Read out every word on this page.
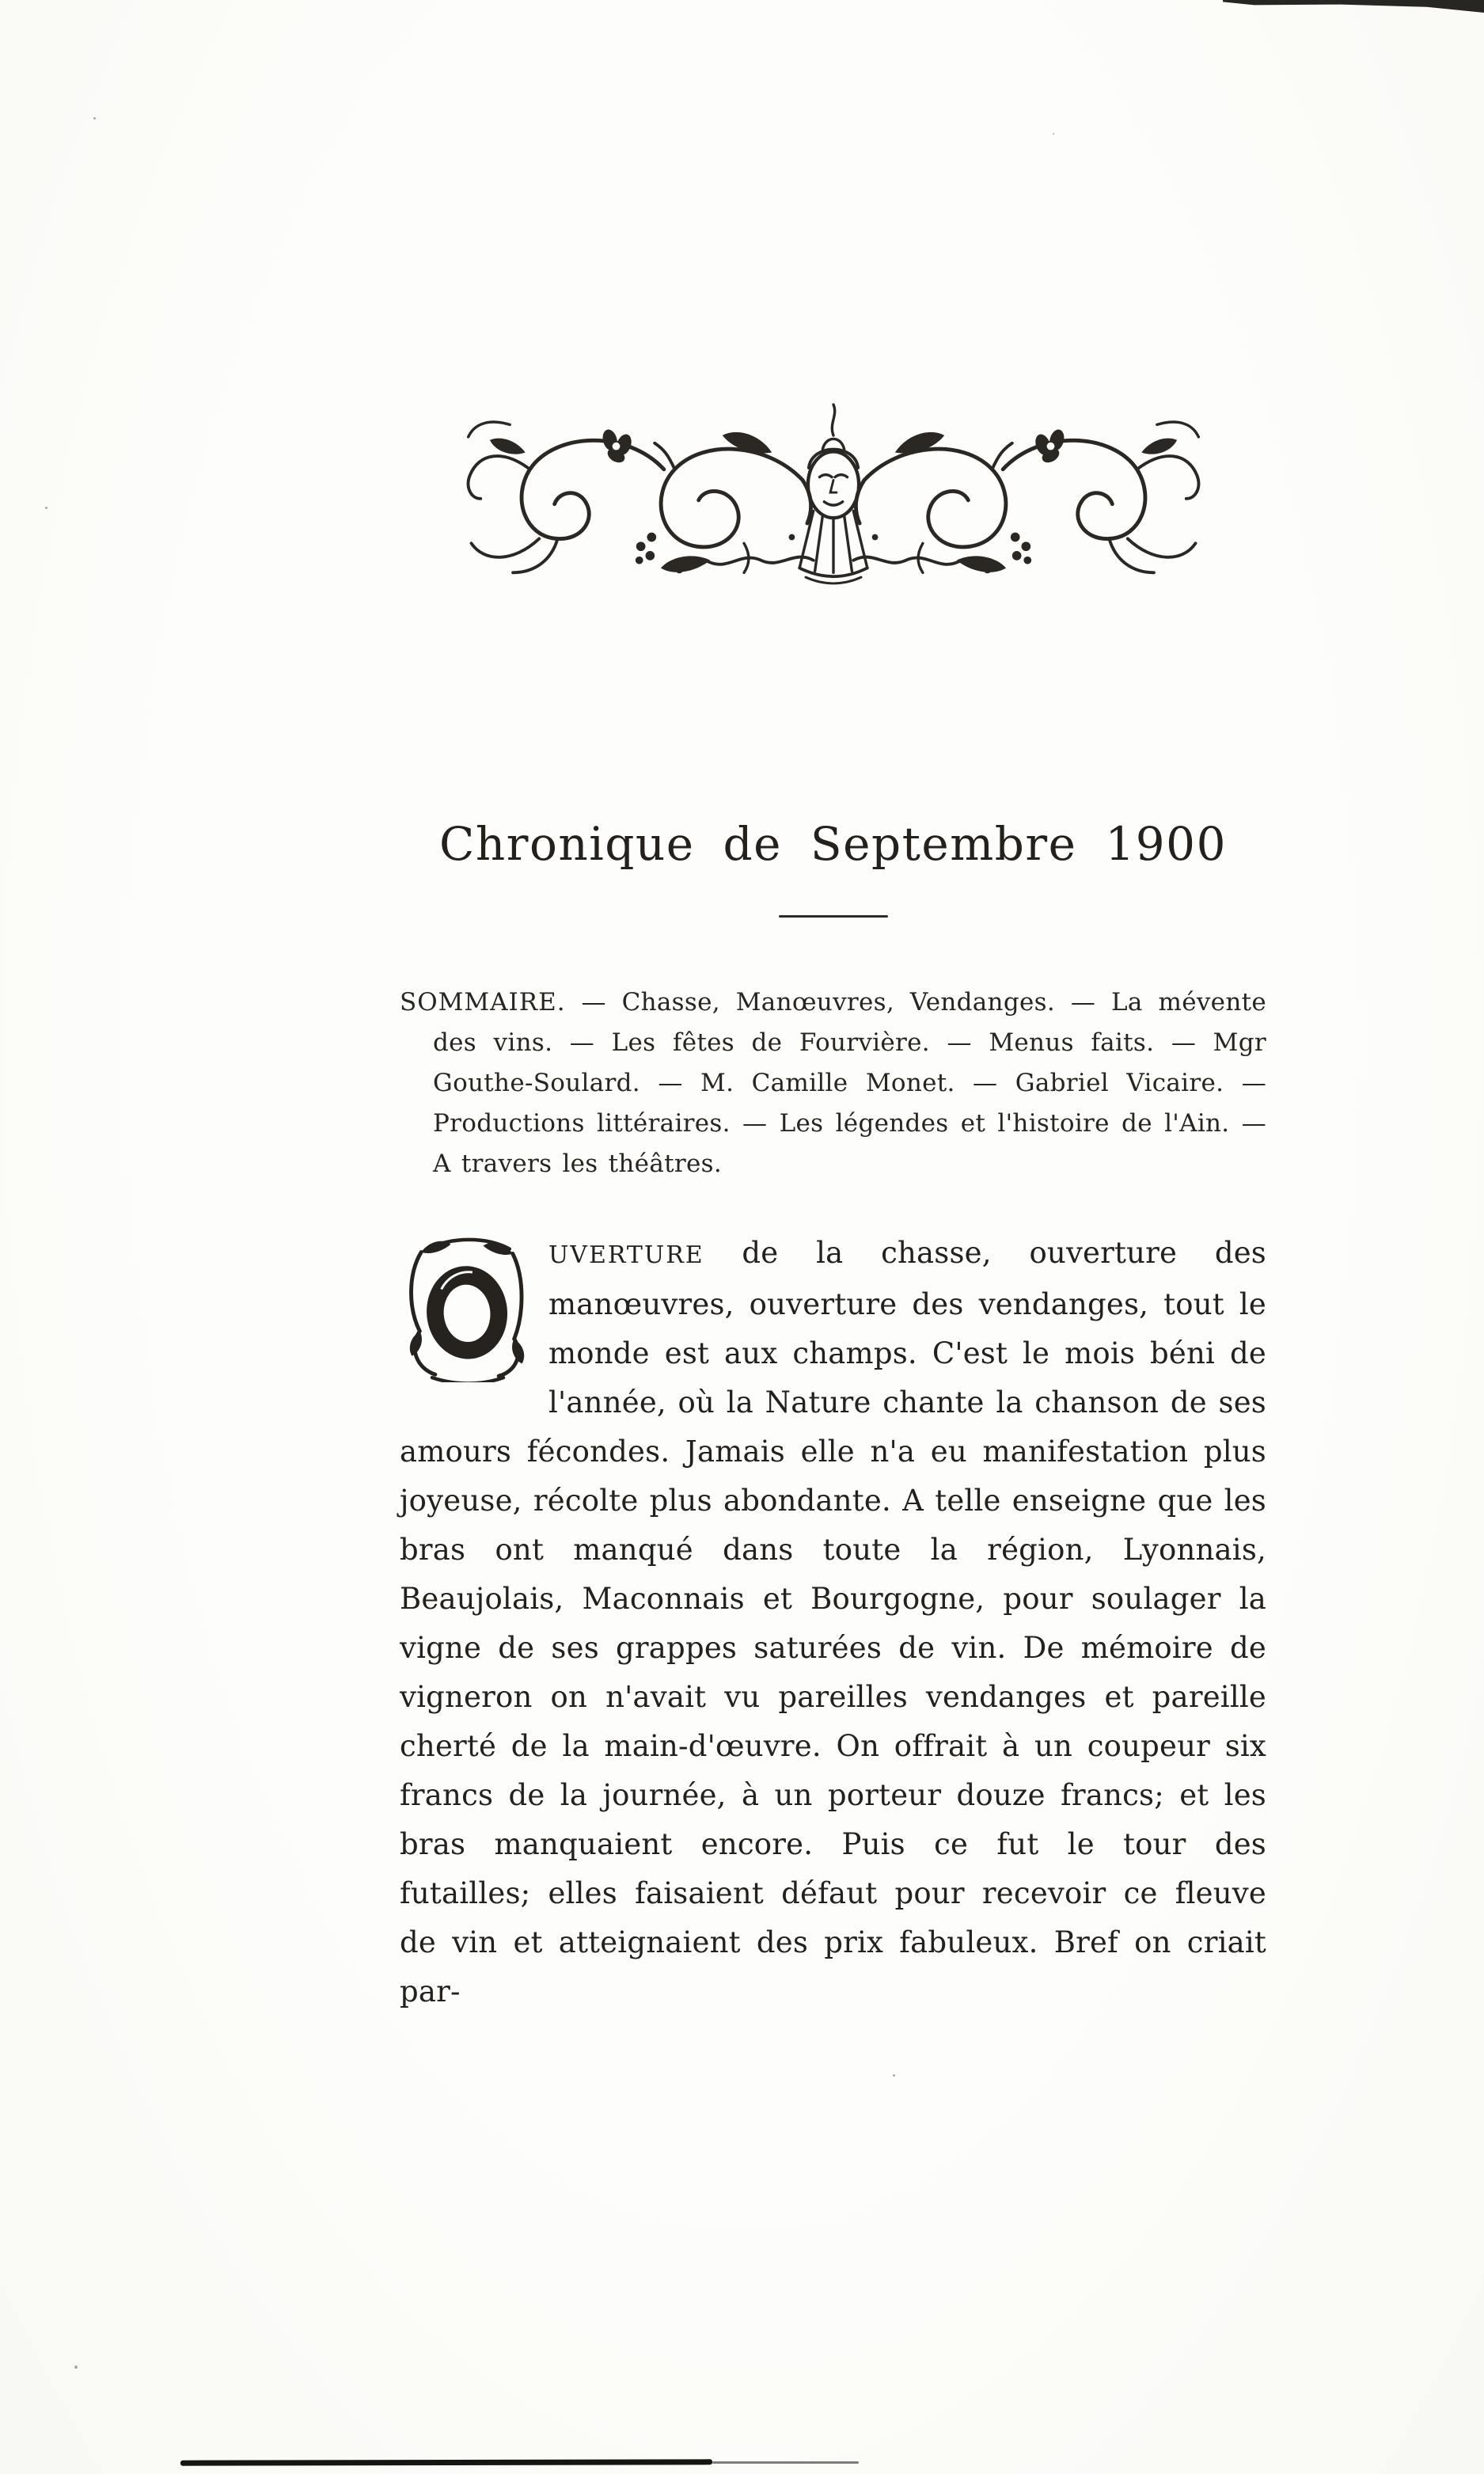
Chronique de Septembre 1900

SOMMAIRE. — Chasse, Manœuvres, Vendanges. — La mévente des vins. — Les fêtes de Fourvière. — Menus faits. — Mgr Gouthe-Soulard. — M. Camille Monet. — Gabriel Vicaire. — Productions littéraires. — Les légendes et l'histoire de l'Ain. — A travers les théâtres.

UVERTURE de la chasse, ouverture des manœuvres, ouverture des vendanges, tout le monde est aux champs. C'est le mois béni de l'année, où la Nature chante la chanson de ses amours fécondes. Jamais elle n'a eu manifestation plus joyeuse, récolte plus abondante. A telle enseigne que les bras ont manqué dans toute la région, Lyonnais, Beaujolais, Maconnais et Bourgogne, pour soulager la vigne de ses grappes saturées de vin. De mémoire de vigneron on n'avait vu pareilles vendanges et pareille cherté de la main-d'œuvre. On offrait à un coupeur six francs de la journée, à un porteur douze francs; et les bras manquaient encore. Puis ce fut le tour des futailles; elles faisaient défaut pour recevoir ce fleuve de vin et atteignaient des prix fabuleux. Bref on criait par-
